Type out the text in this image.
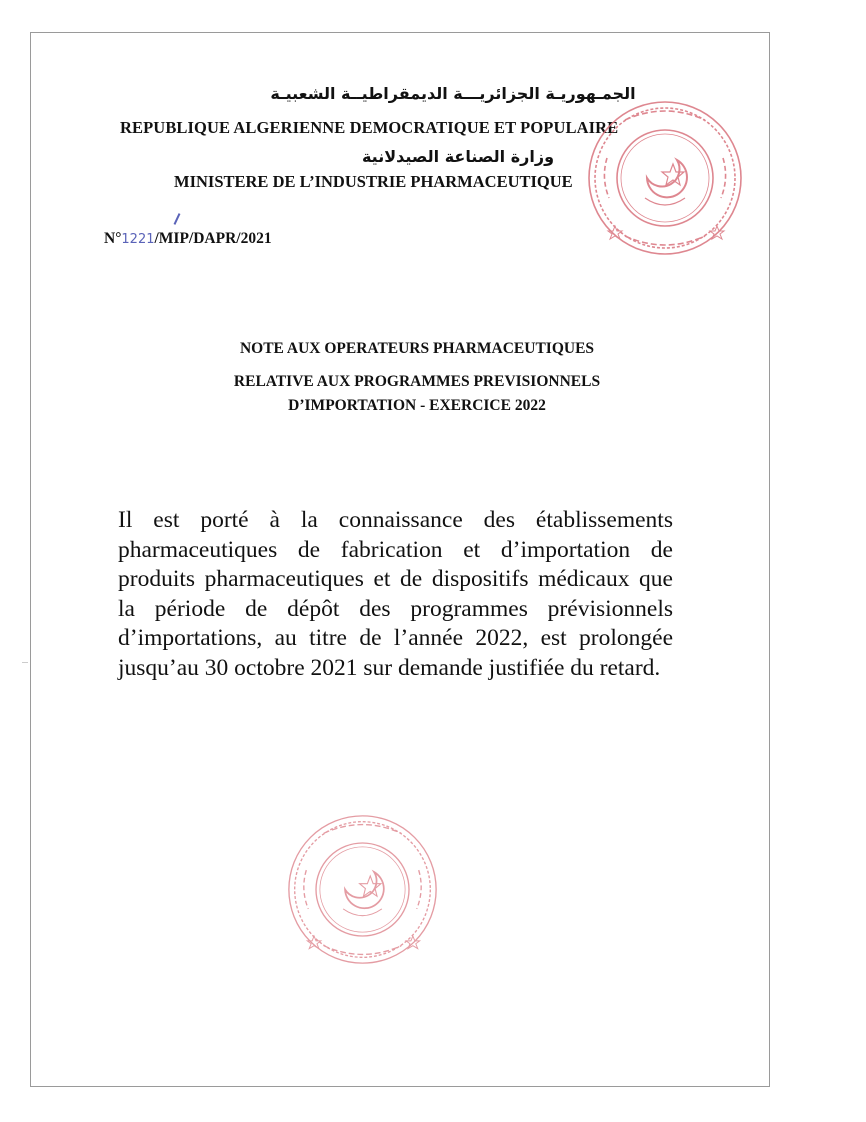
الجمـهوريـة الجزائريـــة الديمقراطيــة الشعبيـة
REPUBLIQUE ALGERIENNE DEMOCRATIQUE ET POPULAIRE
وزارة الصناعة الصيدلانية
MINISTERE DE L’INDUSTRIE PHARMACEUTIQUE
N°1221/MIP/DAPR/2021
NOTE AUX OPERATEURS PHARMACEUTIQUES
RELATIVE AUX PROGRAMMES PREVISIONNELS
D’IMPORTATION - EXERCICE 2022
Il est porté à la connaissance des établissements pharmaceutiques de fabrication et d’importation de produits pharmaceutiques et de dispositifs médicaux que la période de dépôt des programmes prévisionnels d’importations, au titre de l’année 2022, est prolongée jusqu’au 30 octobre 2021 sur demande justifiée du retard.
